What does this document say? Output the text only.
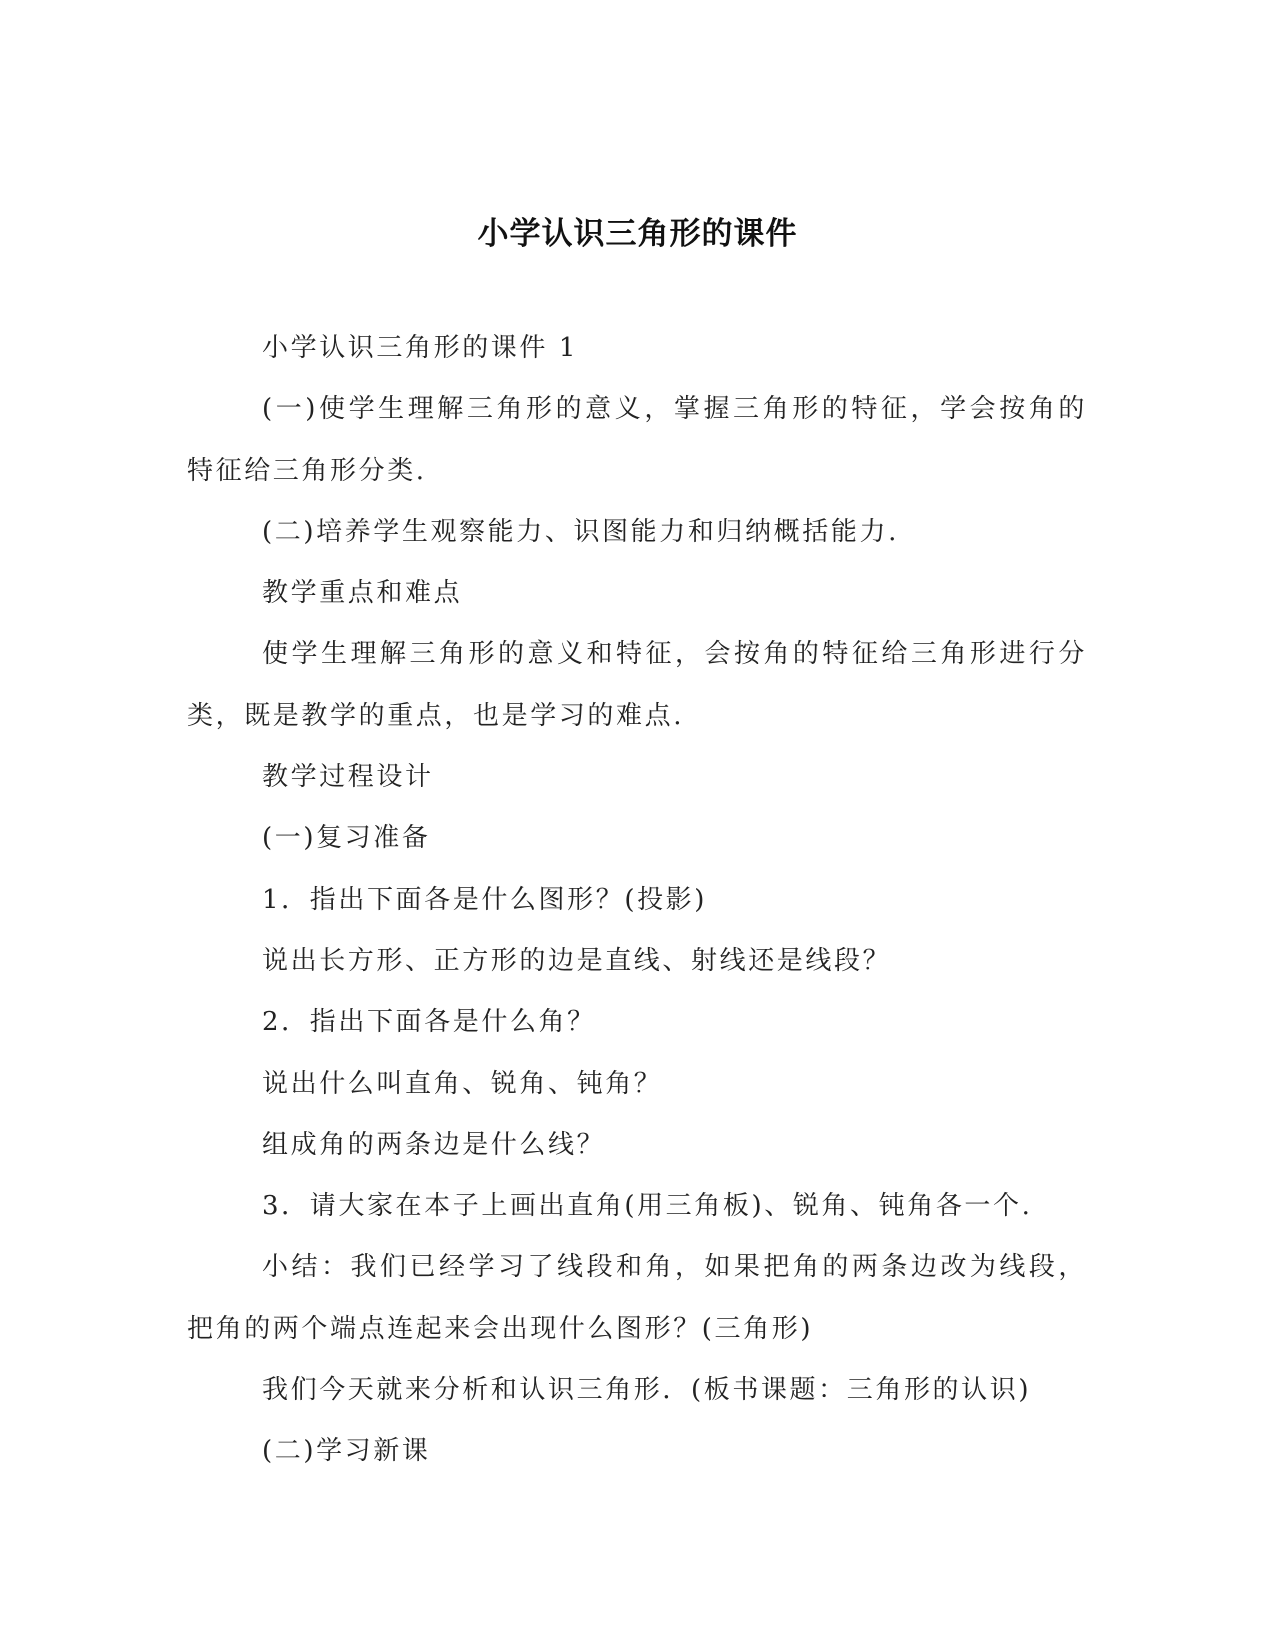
小学认识三角形的课件

小学认识三角形的课件 1

(一)使学生理解三角形的意义，掌握三角形的特征，学会按角的特征给三角形分类.

(二)培养学生观察能力、识图能力和归纳概括能力.

教学重点和难点

使学生理解三角形的意义和特征，会按角的特征给三角形进行分类，既是教学的重点，也是学习的难点.

教学过程设计

(一)复习准备

1．指出下面各是什么图形？(投影)

说出长方形、正方形的边是直线、射线还是线段？

2．指出下面各是什么角？

说出什么叫直角、锐角、钝角？

组成角的两条边是什么线？

3．请大家在本子上画出直角(用三角板)、锐角、钝角各一个.

小结：我们已经学习了线段和角，如果把角的两条边改为线段，把角的两个端点连起来会出现什么图形？(三角形)

我们今天就来分析和认识三角形．(板书课题：三角形的认识)

(二)学习新课
